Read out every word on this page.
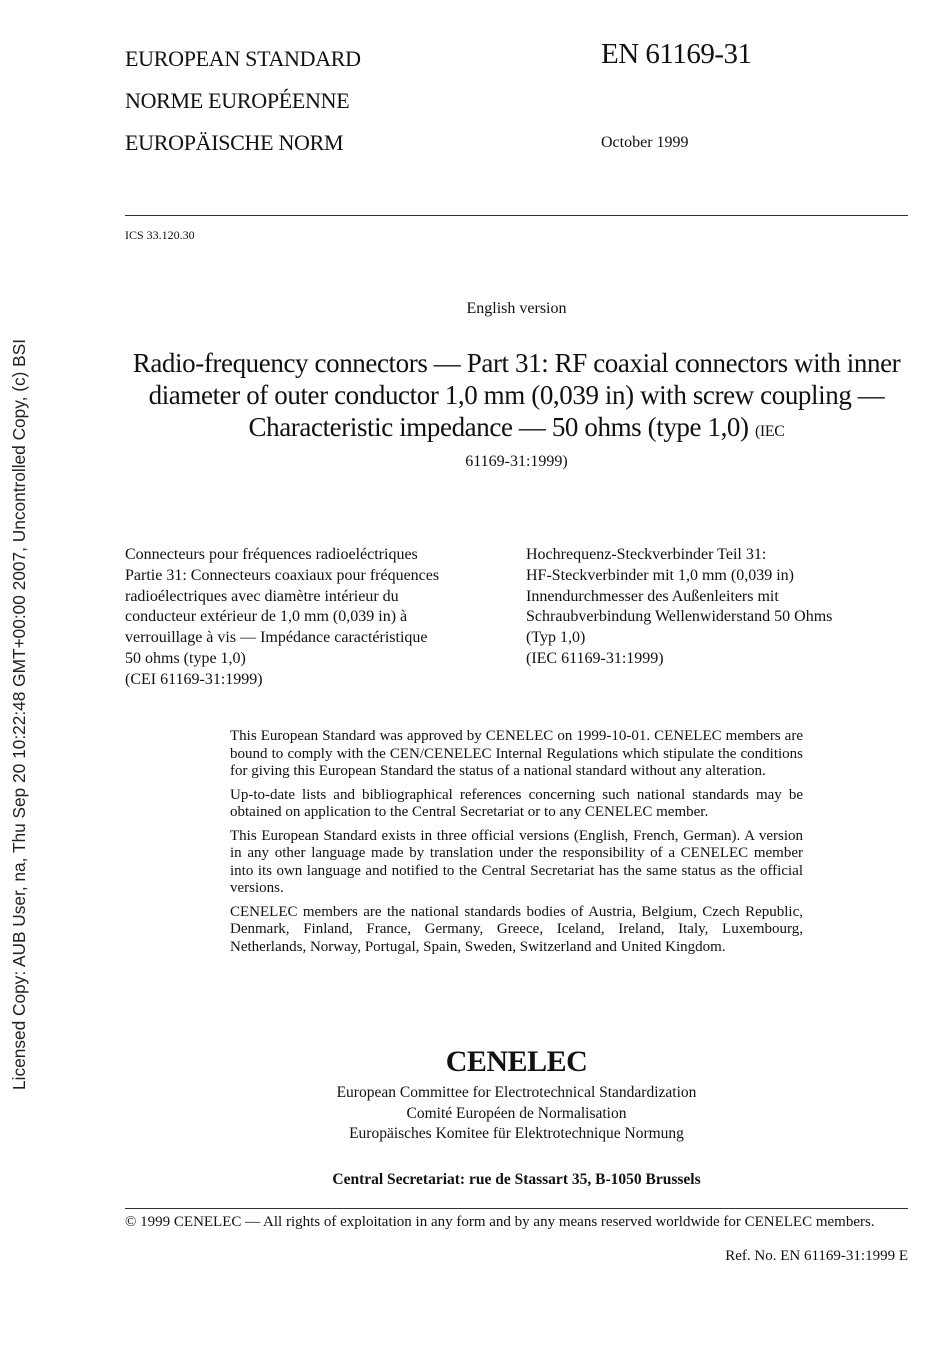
EUROPEAN STANDARD
NORME EUROPÉENNE
EUROPÄISCHE NORM
EN 61169-31
October 1999
ICS 33.120.30
English version
Radio-frequency connectors — Part 31: RF coaxial connectors with inner diameter of outer conductor 1,0 mm (0,039 in) with screw coupling — Characteristic impedance — 50 ohms (type 1,0) (IEC
61169-31:1999)
Connecteurs pour fréquences radioeléctriques
Partie 31: Connecteurs coaxiaux pour fréquences
radioélectriques avec diamètre intérieur du
conducteur extérieur de 1,0 mm (0,039 in) à
verrouillage à vis — Impédance caractéristique
50 ohms (type 1,0)
(CEI 61169-31:1999)
Hochrequenz-Steckverbinder Teil 31:
HF-Steckverbinder mit 1,0 mm (0,039 in)
Innendurchmesser des Außenleiters mit
Schraubverbindung Wellenwiderstand 50 Ohms
(Typ 1,0)
(IEC 61169-31:1999)

This European Standard was approved by CENELEC on 1999-10-01. CENELEC members are bound to comply with the CEN/CENELEC Internal Regulations which stipulate the conditions for giving this European Standard the status of a national standard without any alteration.

Up-to-date lists and bibliographical references concerning such national standards may be obtained on application to the Central Secretariat or to any CENELEC member.

This European Standard exists in three official versions (English, French, German). A version in any other language made by translation under the responsibility of a CENELEC member into its own language and notified to the Central Secretariat has the same status as the official versions.

CENELEC members are the national standards bodies of Austria, Belgium, Czech Republic, Denmark, Finland, France, Germany, Greece, Iceland, Ireland, Italy, Luxembourg, Netherlands, Norway, Portugal, Spain, Sweden, Switzerland and United Kingdom.

CENELEC
European Committee for Electrotechnical Standardization
Comité Européen de Normalisation
Europäisches Komitee für Elektrotechnique Normung
Central Secretariat: rue de Stassart 35, B-1050 Brussels
© 1999 CENELEC — All rights of exploitation in any form and by any means reserved worldwide for CENELEC members.
Ref. No. EN 61169-31:1999 E
Licensed Copy: AUB User, na, Thu Sep 20 10:22:48 GMT+00:00 2007, Uncontrolled Copy, (c) BSI
